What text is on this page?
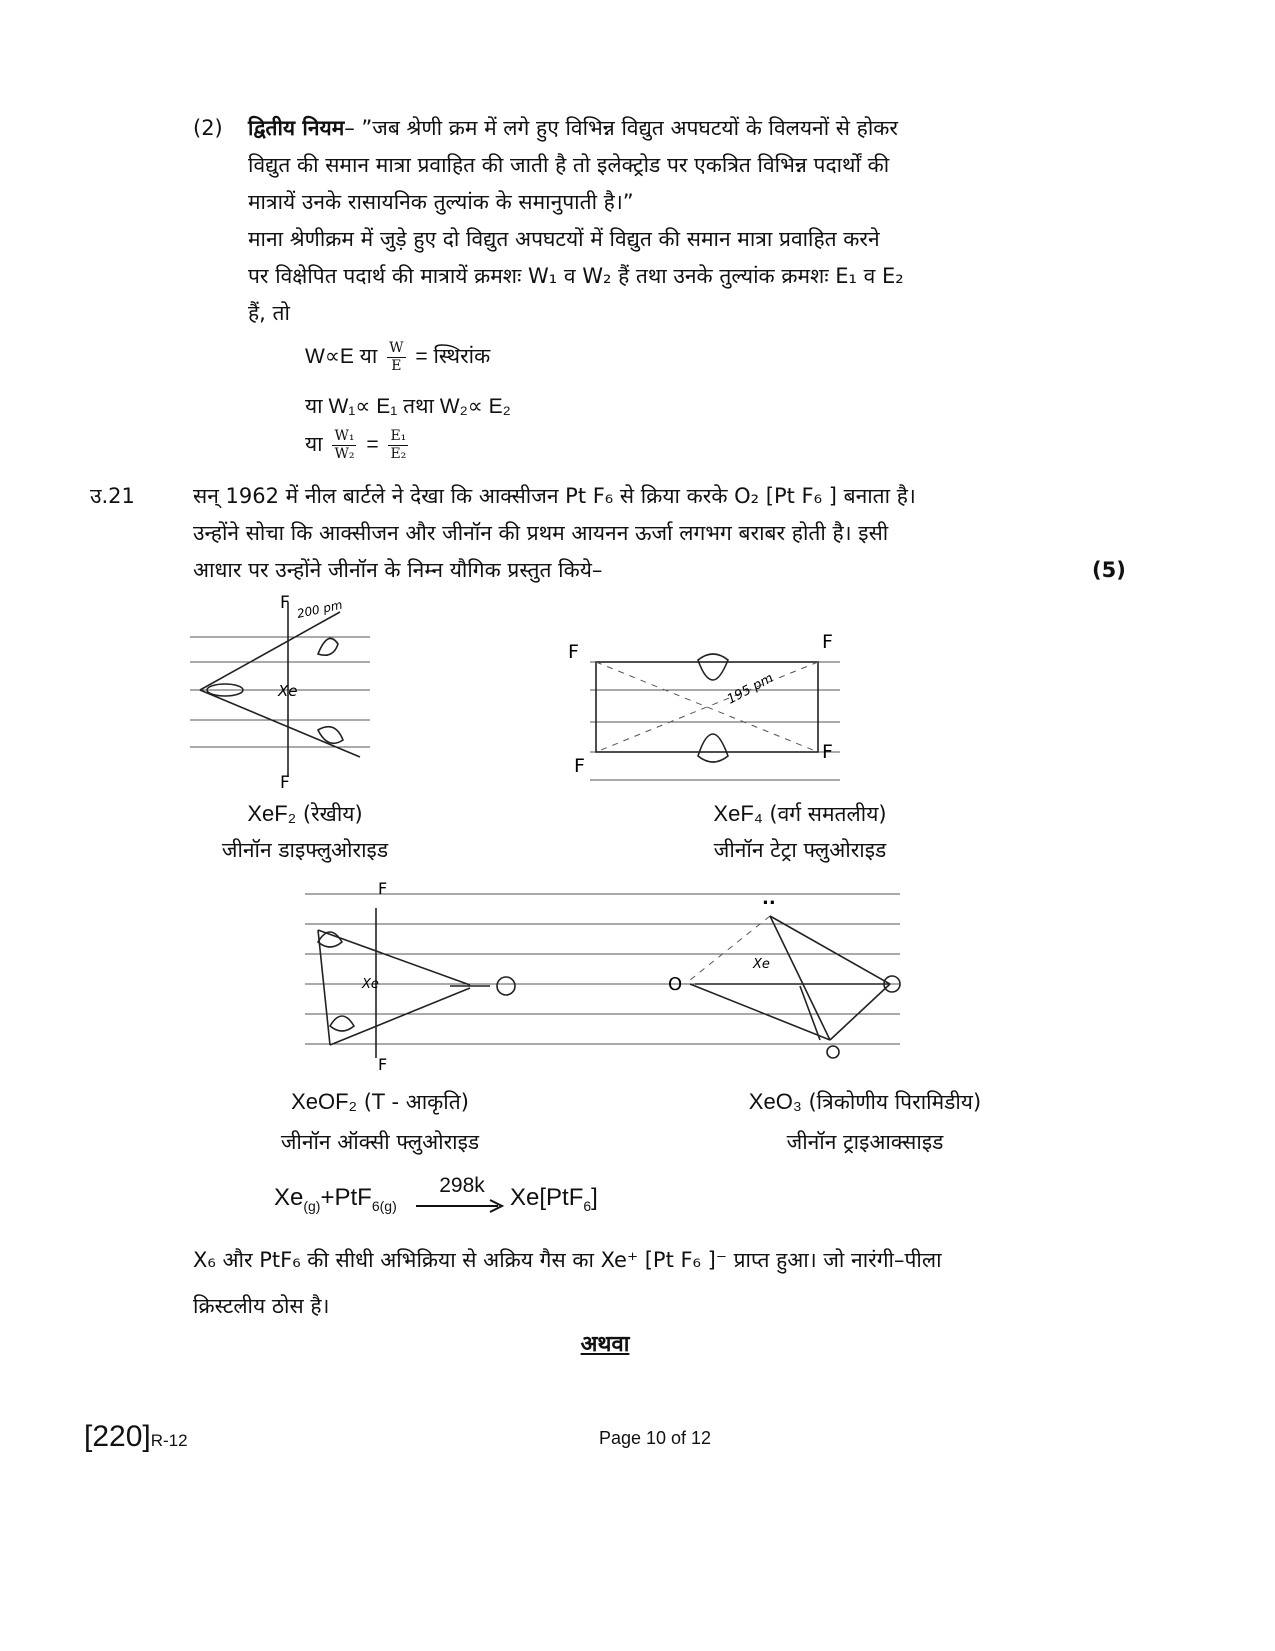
(2) द्वितीय नियम– ”जब श्रेणी क्रम में लगे हुए विभिन्न विद्युत अपघटयों के विलयनों से होकर

विद्युत की समान मात्रा प्रवाहित की जाती है तो इलेक्ट्रोड पर एकत्रित विभिन्न पदार्थों की

मात्रायें उनके रासायनिक तुल्यांक के समानुपाती है।”

माना श्रेणीक्रम में जुड़े हुए दो विद्युत अपघटयों में विद्युत की समान मात्रा प्रवाहित करने

पर विक्षेपित पदार्थ की मात्रायें क्रमशः W₁ व W₂ हैं तथा उनके तुल्यांक क्रमशः E₁ व E₂

हैं, तो

W∝E या $\frac{W}{E}$ = स्थिरांक
या W₁∝ E₁ तथा W₂∝ E₂
या $\frac{\text{W₁}}{\text{W₂}} = \frac{\text{E₁}}{\text{E₂}}$
उ.21	सन् 1962 में नील बार्टले ने देखा कि आक्सीजन Pt F₆ से क्रिया करके O₂ [Pt F₆ ] बनाता है।

उन्होंने सोचा कि आक्सीजन और जीनॉन की प्रथम आयनन ऊर्जा लगभग बराबर होती है। इसी

आधार पर उन्होंने जीनॉन के निम्न यौगिक प्रस्तुत किये–	(5)
F
F
Xe
200 pm
F	F
F
F
195 pm
XeF₂ (रेखीय)
जीनॉन डाइफ्लुओराइड
XeF₄ (वर्ग समतलीय)
जीनॉन टेट्रा फ्लुओराइड
F
F
Xe
..
Xe
O
XeOF₂ (T - आकृति)
जीनॉन ऑक्सी फ्लुओराइड
XeO₃ (त्रिकोणीय पिरामिडीय)
जीनॉन ट्राइआक्साइड
$Xe_{(g)}+PtF_{6(g)}$
298k → Xe[PtF$_6$]

X₆ और PtF₆ की सीधी अभिक्रिया से अक्रिय गैस का Xe⁺ [Pt F₆ ]⁻ प्राप्त हुआ। जो नारंगी–पीला

क्रिस्टलीय ठोस है।

अथवा
[220]R-12	Page 10 of 12
